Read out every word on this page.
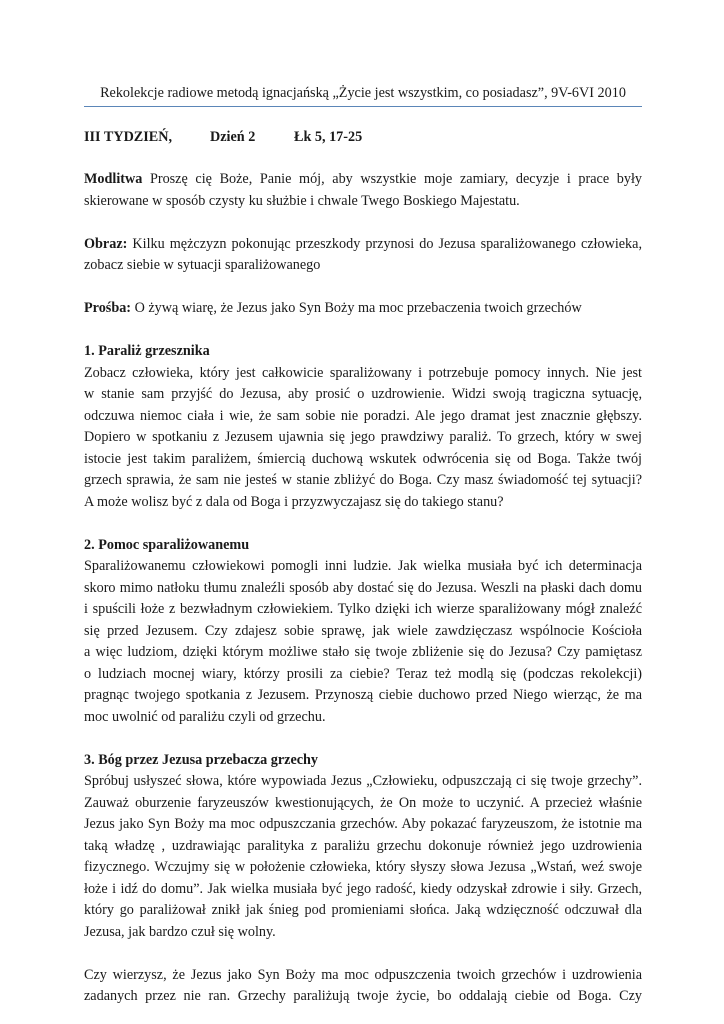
Rekolekcje radiowe metodą ignacjańską „Życie jest wszystkim, co posiadasz”, 9V-6VI 2010
III TYDZIEŃ,	Dzień 2	Łk 5, 17-25
Modlitwa Proszę cię Boże, Panie mój, aby wszystkie moje zamiary, decyzje i prace były
skierowane w sposób czysty ku służbie i chwale Twego Boskiego Majestatu.
Obraz: Kilku mężczyzn pokonując przeszkody przynosi do Jezusa sparaliżowanego człowieka,
zobacz siebie w sytuacji sparaliżowanego
Prośba: O żywą wiarę, że Jezus jako Syn Boży ma moc przebaczenia twoich grzechów

1. Paraliż grzesznika

Zobacz człowieka, który jest całkowicie sparaliżowany i potrzebuje pomocy innych. Nie jest
w stanie sam przyjść do Jezusa, aby prosić o uzdrowienie. Widzi swoją tragiczna sytuację,
odczuwa niemoc ciała i wie, że sam sobie nie poradzi. Ale jego dramat jest znacznie głębszy.
Dopiero w spotkaniu z Jezusem ujawnia się jego prawdziwy paraliż. To grzech, który w swej
istocie jest takim paraliżem, śmiercią duchową wskutek odwrócenia się od Boga. Także twój
grzech sprawia, że sam nie jesteś w stanie zbliżyć do Boga. Czy masz świadomość tej sytuacji?
A może wolisz być z dala od Boga i przyzwyczajasz się do takiego stanu?

2. Pomoc sparaliżowanemu

Sparaliżowanemu człowiekowi pomogli inni ludzie. Jak wielka musiała być ich determinacja
skoro mimo natłoku tłumu znaleźli sposób aby dostać się do Jezusa. Weszli na płaski dach domu
i spuścili łoże z bezwładnym człowiekiem. Tylko dzięki ich wierze sparaliżowany mógł znaleźć
się przed Jezusem. Czy zdajesz sobie sprawę, jak wiele zawdzięczasz wspólnocie Kościoła
a więc ludziom, dzięki którym możliwe stało się twoje zbliżenie się do Jezusa? Czy pamiętasz
o ludziach mocnej wiary, którzy prosili za ciebie? Teraz też modlą się (podczas rekolekcji)
pragnąc twojego spotkania z Jezusem. Przynoszą ciebie duchowo przed Niego wierząc, że ma
moc uwolnić od paraliżu czyli od grzechu.

3. Bóg przez Jezusa przebacza grzechy

Spróbuj usłyszeć słowa, które wypowiada Jezus „Człowieku, odpuszczają ci się twoje grzechy”.
Zauważ oburzenie faryzeuszów kwestionujących, że On może to uczynić. A przecież właśnie
Jezus jako Syn Boży ma moc odpuszczania grzechów. Aby pokazać faryzeuszom, że istotnie ma
taką władzę , uzdrawiając paralityka z paraliżu grzechu dokonuje również jego uzdrowienia
fizycznego. Wczujmy się w położenie człowieka, który słyszy słowa Jezusa „Wstań, weź swoje
łoże i idź do domu”. Jak wielka musiała być jego radość, kiedy odzyskał zdrowie i siły. Grzech,
który go paraliżował znikł jak śnieg pod promieniami słońca. Jaką wdzięczność odczuwał dla
Jezusa, jak bardzo czuł się wolny.
Czy wierzysz, że Jezus jako Syn Boży ma moc odpuszczenia twoich grzechów i uzdrowienia
zadanych przez nie ran. Grzechy paraliżują twoje życie, bo oddalają ciebie od Boga. Czy
